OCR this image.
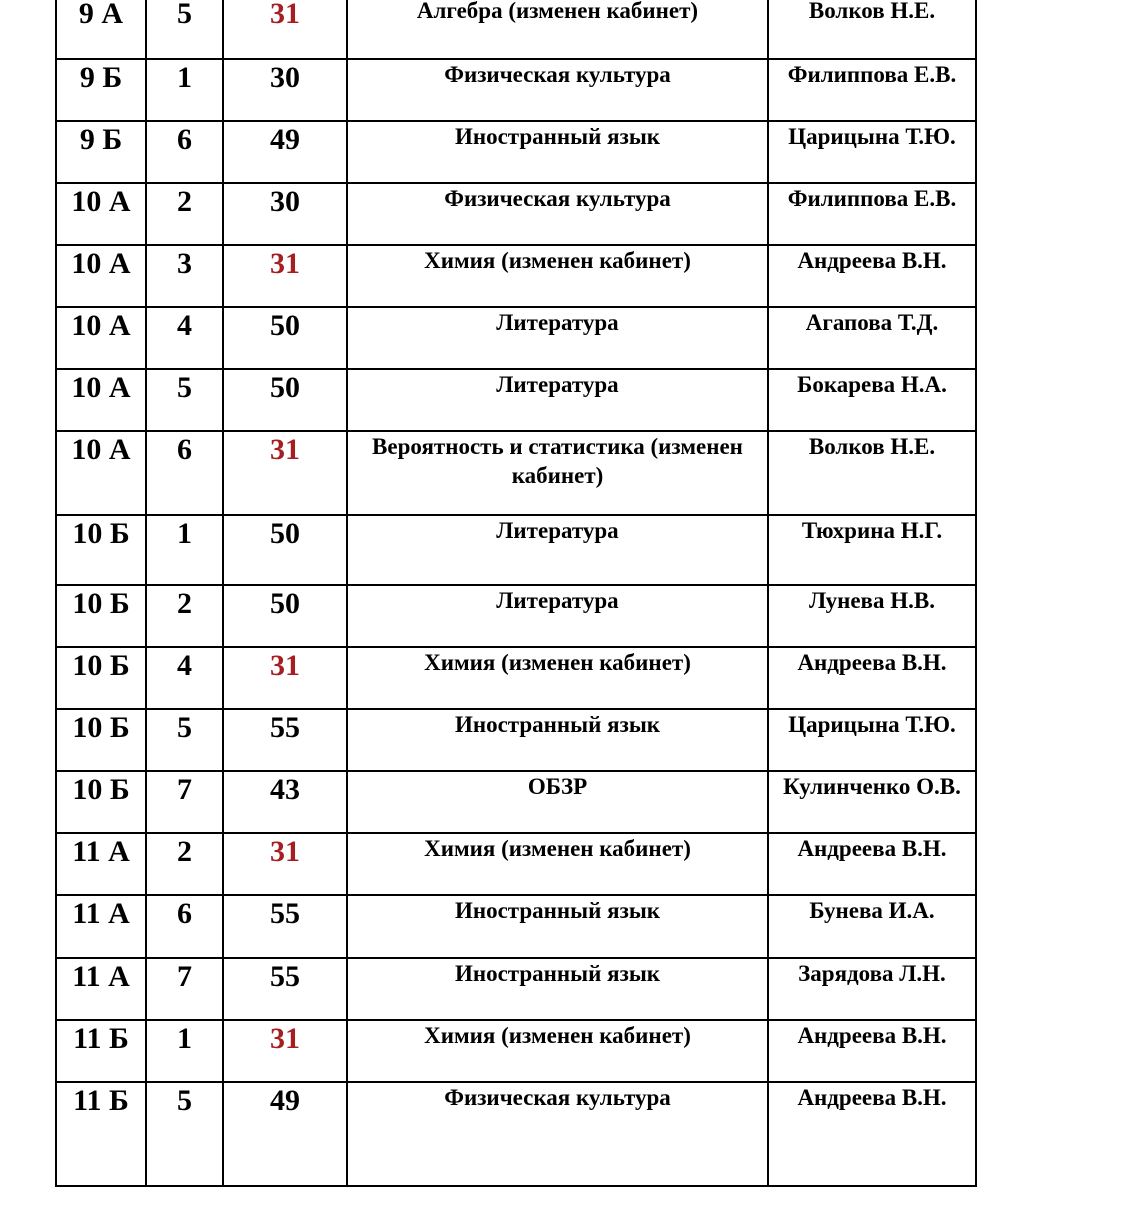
9 А	5	31	Алгебра (изменен кабинет)	Волков Н.Е.
9 Б	1	30	Физическая культура	Филиппова Е.В.
9 Б	6	49	Иностранный язык	Царицына Т.Ю.
10 А	2	30	Физическая культура	Филиппова Е.В.
10 А	3	31	Химия (изменен кабинет)	Андреева В.Н.
10 А	4	50	Литература	Агапова Т.Д.
10 А	5	50	Литература	Бокарева Н.А.
10 А	6	31	Вероятность и статистика (изменен кабинет)	Волков Н.Е.
10 Б	1	50	Литература	Тюхрина Н.Г.
10 Б	2	50	Литература	Лунева Н.В.
10 Б	4	31	Химия (изменен кабинет)	Андреева В.Н.
10 Б	5	55	Иностранный язык	Царицына Т.Ю.
10 Б	7	43	ОБЗР	Кулинченко О.В.
11 А	2	31	Химия (изменен кабинет)	Андреева В.Н.
11 А	6	55	Иностранный язык	Бунева И.А.
11 А	7	55	Иностранный язык	Зарядова Л.Н.
11 Б	1	31	Химия (изменен кабинет)	Андреева В.Н.
11 Б	5	49	Физическая культура	Андреева В.Н.
